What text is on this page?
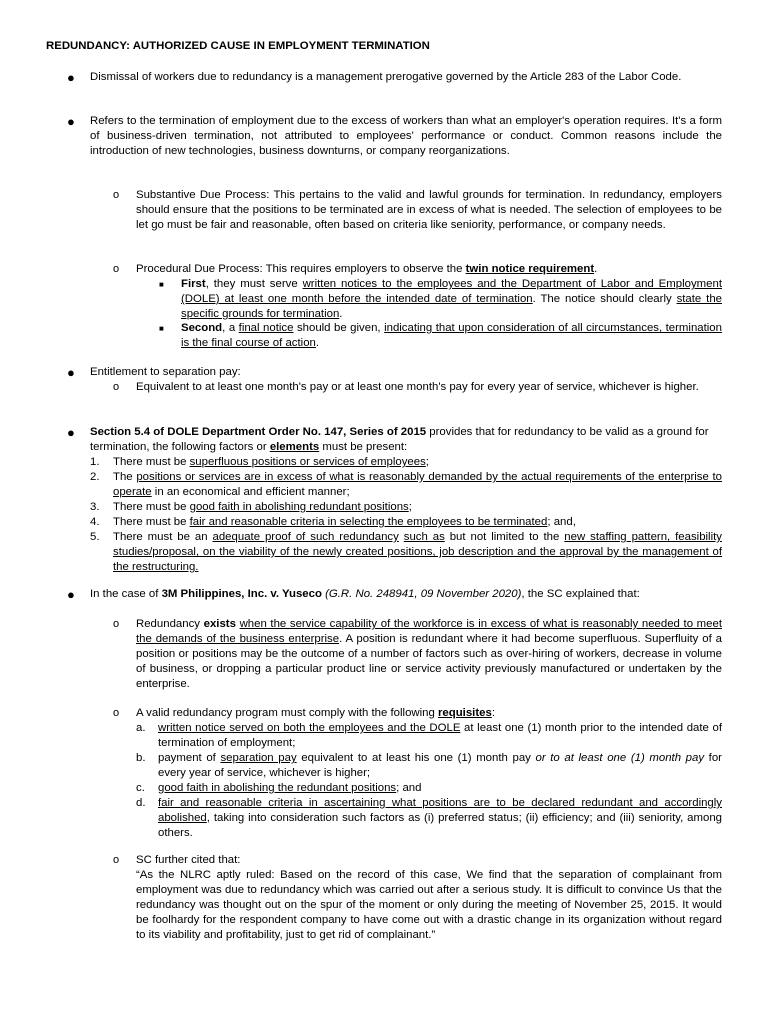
REDUNDANCY: AUTHORIZED CAUSE IN EMPLOYMENT TERMINATION
● Dismissal of workers due to redundancy is a management prerogative governed by the Article 283 of the Labor Code.
● Refers to the termination of employment due to the excess of workers than what an employer's operation requires. It's a form of business-driven termination, not attributed to employees' performance or conduct. Common reasons include the introduction of new technologies, business downturns, or company reorganizations.
o Substantive Due Process: This pertains to the valid and lawful grounds for termination. In redundancy, employers should ensure that the positions to be terminated are in excess of what is needed. The selection of employees to be let go must be fair and reasonable, often based on criteria like seniority, performance, or company needs.
o Procedural Due Process: This requires employers to observe the twin notice requirement.
■ First, they must serve written notices to the employees and the Department of Labor and Employment (DOLE) at least one month before the intended date of termination. The notice should clearly state the specific grounds for termination.
■ Second, a final notice should be given, indicating that upon consideration of all circumstances, termination is the final course of action.
● Entitlement to separation pay:
o Equivalent to at least one month's pay or at least one month's pay for every year of service, whichever is higher.
● Section 5.4 of DOLE Department Order No. 147, Series of 2015 provides that for redundancy to be valid as a ground for termination, the following factors or elements must be present:
1. There must be superfluous positions or services of employees;
2. The positions or services are in excess of what is reasonably demanded by the actual requirements of the enterprise to operate in an economical and efficient manner;
3. There must be good faith in abolishing redundant positions;
4. There must be fair and reasonable criteria in selecting the employees to be terminated; and,
5. There must be an adequate proof of such redundancy such as but not limited to the new staffing pattern, feasibility studies/proposal, on the viability of the newly created positions, job description and the approval by the management of the restructuring.
● In the case of 3M Philippines, Inc. v. Yuseco (G.R. No. 248941, 09 November 2020), the SC explained that:
o Redundancy exists when the service capability of the workforce is in excess of what is reasonably needed to meet the demands of the business enterprise. A position is redundant where it had become superfluous. Superfluity of a position or positions may be the outcome of a number of factors such as over-hiring of workers, decrease in volume of business, or dropping a particular product line or service activity previously manufactured or undertaken by the enterprise.
o A valid redundancy program must comply with the following requisites:
a. written notice served on both the employees and the DOLE at least one (1) month prior to the intended date of termination of employment;
b. payment of separation pay equivalent to at least his one (1) month pay or to at least one (1) month pay for every year of service, whichever is higher;
c. good faith in abolishing the redundant positions; and
d. fair and reasonable criteria in ascertaining what positions are to be declared redundant and accordingly abolished, taking into consideration such factors as (i) preferred status; (ii) efficiency; and (iii) seniority, among others.
o SC further cited that:
“As the NLRC aptly ruled: Based on the record of this case, We find that the separation of complainant from employment was due to redundancy which was carried out after a serious study. It is difficult to convince Us that the redundancy was thought out on the spur of the moment or only during the meeting of November 25, 2015. It would be foolhardy for the respondent company to have come out with a drastic change in its organization without regard to its viability and profitability, just to get rid of complainant.”
